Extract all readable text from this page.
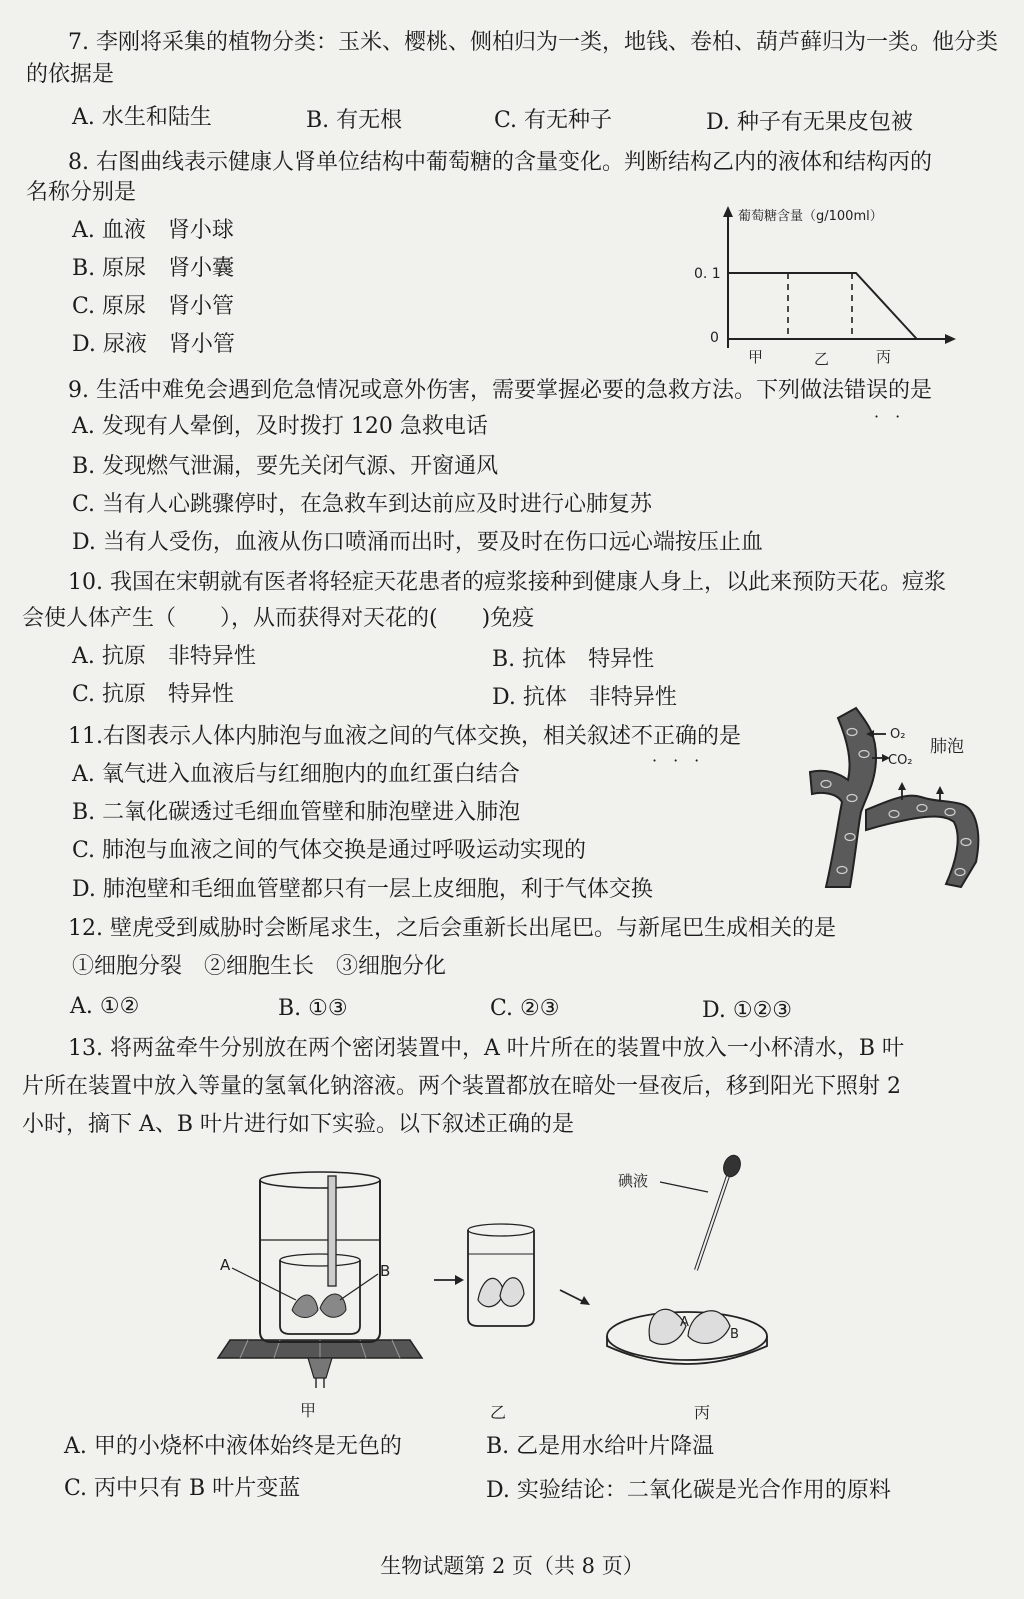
7. 李刚将采集的植物分类：玉米、樱桃、侧柏归为一类，地钱、卷柏、葫芦藓归为一类。他分类
的依据是
A. 水生和陆生	B. 有无根	C. 有无种子	D. 种子有无果皮包被
8. 右图曲线表示健康人肾单位结构中葡萄糖的含量变化。判断结构乙内的液体和结构丙的
名称分别是
A. 血液　肾小球
B. 原尿　肾小囊
C. 原尿　肾小管
D. 尿液　肾小管
葡萄糖含量（g/100ml）
0. 1
0
甲	乙	丙
9. 生活中难免会遇到危急情况或意外伤害，需要掌握必要的急救方法。下列做法错误的是
·　·
A. 发现有人晕倒，及时拨打 120 急救电话
B. 发现燃气泄漏，要先关闭气源、开窗通风
C. 当有人心跳骤停时，在急救车到达前应及时进行心肺复苏
D. 当有人受伤，血液从伤口喷涌而出时，要及时在伤口远心端按压止血
10. 我国在宋朝就有医者将轻症天花患者的痘浆接种到健康人身上，以此来预防天花。痘浆
会使人体产生（　　），从而获得对天花的(　　)免疫
A. 抗原　非特异性	B. 抗体　特异性
C. 抗原　特异性	D. 抗体　非特异性
11.右图表示人体内肺泡与血液之间的气体交换，相关叙述不正确的是
·　·　·
A. 氧气进入血液后与红细胞内的血红蛋白结合
B. 二氧化碳透过毛细血管壁和肺泡壁进入肺泡
C. 肺泡与血液之间的气体交换是通过呼吸运动实现的
D. 肺泡壁和毛细血管壁都只有一层上皮细胞，利于气体交换
O₂
CO₂
肺泡
12. 壁虎受到威胁时会断尾求生，之后会重新长出尾巴。与新尾巴生成相关的是
①细胞分裂　②细胞生长　③细胞分化
A. ①②	B. ①③	C. ②③	D. ①②③
13. 将两盆牵牛分别放在两个密闭装置中，A 叶片所在的装置中放入一小杯清水，B 叶
片所在装置中放入等量的氢氧化钠溶液。两个装置都放在暗处一昼夜后，移到阳光下照射 2
小时，摘下 A、B 叶片进行如下实验。以下叙述正确的是
A	B
A
B
碘液
甲	乙	丙
A. 甲的小烧杯中液体始终是无色的	B. 乙是用水给叶片降温
C. 丙中只有 B 叶片变蓝	D. 实验结论：二氧化碳是光合作用的原料
生物试题第 2 页（共 8 页）
